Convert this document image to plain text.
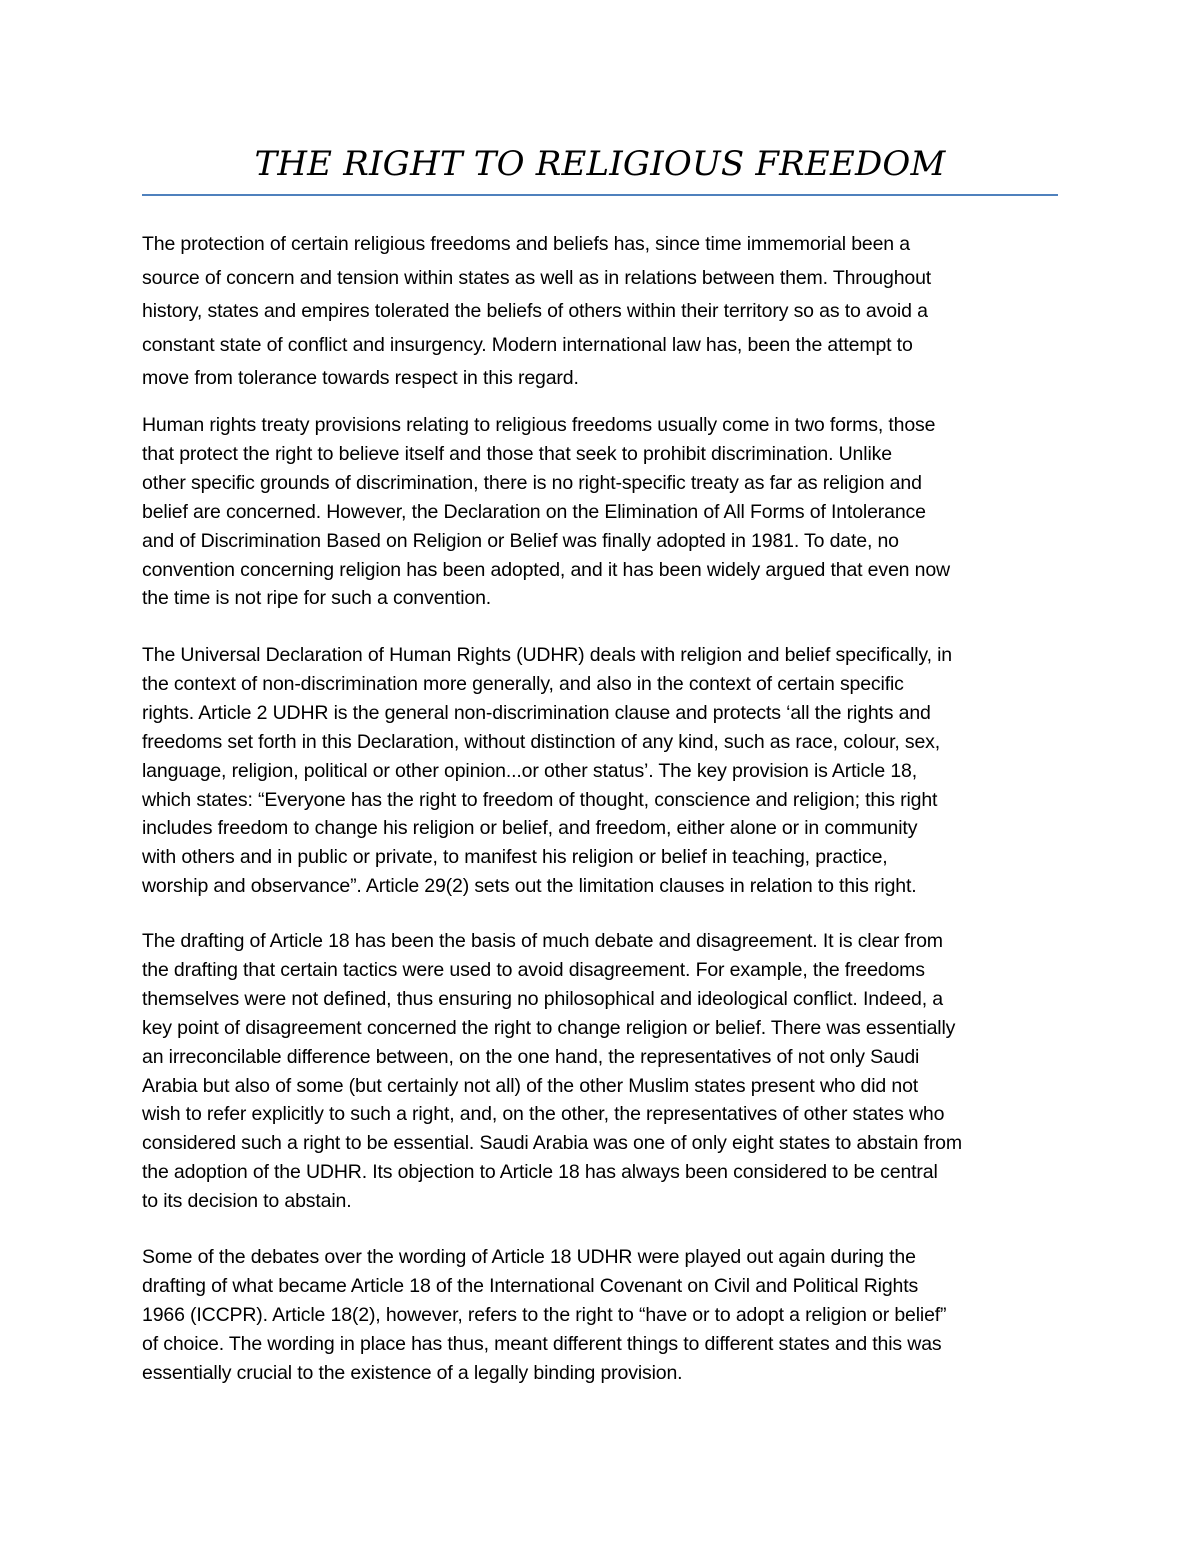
THE RIGHT TO RELIGIOUS FREEDOM

The protection of certain religious freedoms and beliefs has, since time immemorial been a
source of concern and tension within states as well as in relations between them. Throughout
history, states and empires tolerated the beliefs of others within their territory so as to avoid a
constant state of conflict and insurgency. Modern international law has, been the attempt to
move from tolerance towards respect in this regard.

Human rights treaty provisions relating to religious freedoms usually come in two forms, those
that protect the right to believe itself and those that seek to prohibit discrimination. Unlike
other specific grounds of discrimination, there is no right-specific treaty as far as religion and
belief are concerned. However, the Declaration on the Elimination of All Forms of Intolerance
and of Discrimination Based on Religion or Belief was finally adopted in 1981. To date, no
convention concerning religion has been adopted, and it has been widely argued that even now
the time is not ripe for such a convention.

The Universal Declaration of Human Rights (UDHR) deals with religion and belief specifically, in
the context of non-discrimination more generally, and also in the context of certain specific
rights. Article 2 UDHR is the general non-discrimination clause and protects ‘all the rights and
freedoms set forth in this Declaration, without distinction of any kind, such as race, colour, sex,
language, religion, political or other opinion...or other status’. The key provision is Article 18,
which states: “Everyone has the right to freedom of thought, conscience and religion; this right
includes freedom to change his religion or belief, and freedom, either alone or in community
with others and in public or private, to manifest his religion or belief in teaching, practice,
worship and observance”. Article 29(2) sets out the limitation clauses in relation to this right.

The drafting of Article 18 has been the basis of much debate and disagreement. It is clear from
the drafting that certain tactics were used to avoid disagreement. For example, the freedoms
themselves were not defined, thus ensuring no philosophical and ideological conflict. Indeed, a
key point of disagreement concerned the right to change religion or belief. There was essentially
an irreconcilable difference between, on the one hand, the representatives of not only Saudi
Arabia but also of some (but certainly not all) of the other Muslim states present who did not
wish to refer explicitly to such a right, and, on the other, the representatives of other states who
considered such a right to be essential. Saudi Arabia was one of only eight states to abstain from
the adoption of the UDHR. Its objection to Article 18 has always been considered to be central
to its decision to abstain.

Some of the debates over the wording of Article 18 UDHR were played out again during the
drafting of what became Article 18 of the International Covenant on Civil and Political Rights
1966 (ICCPR). Article 18(2), however, refers to the right to “have or to adopt a religion or belief”
of choice. The wording in place has thus, meant different things to different states and this was
essentially crucial to the existence of a legally binding provision.
